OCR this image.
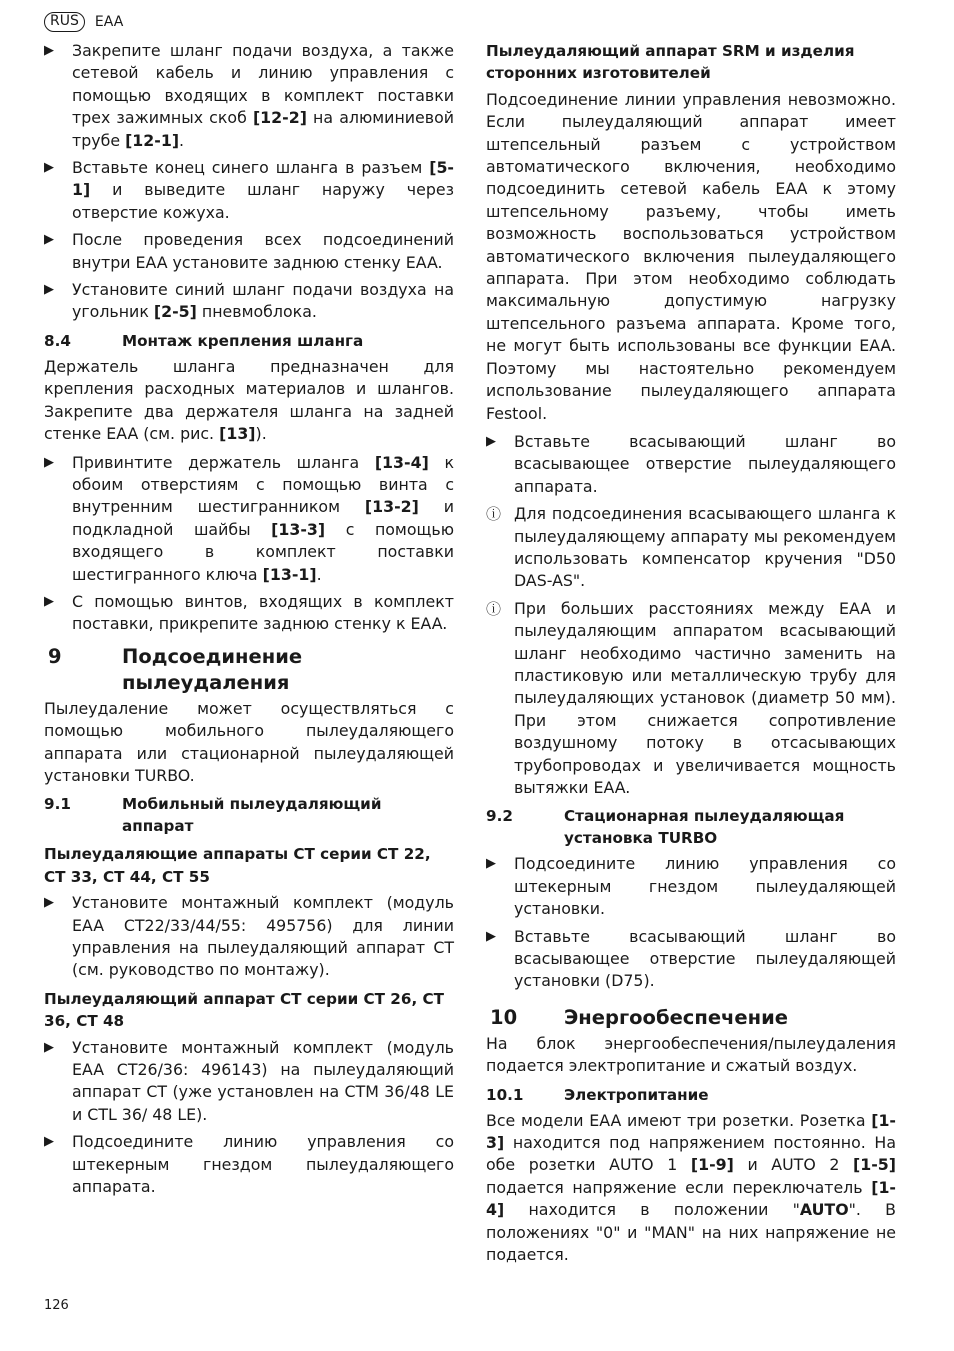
RUS	EAA
▶	Закрепите шланг подачи воздуха, а также сетевой кабель и линию управления с помощью входящих в комплект поставки трех зажимных скоб [12-2] на алюминиевой трубе [12-1].
▶	Вставьте конец синего шланга в разъем [5-1] и выведите шланг наружу через отверстие кожуха.
▶	После проведения всех подсоединений внутри EAA установите заднюю стенку EAA.
▶	Установите синий шланг подачи воздуха на угольник [2-5] пневмоблока.
8.4	Монтаж крепления шланга

Держатель шланга предназначен для крепления расходных материалов и шлангов. Закрепите два держателя шланга на задней стенке EAA (см. рис. [13]).

▶	Привинтите держатель шланга [13-4] к обоим отверстиям с помощью винта с внутренним шестигранником [13-2] и подкладной шайбы [13-3] с помощью входящего в комплект поставки шестигранного ключа [13-1].
▶	С помощью винтов, входящих в комплект поставки, прикрепите заднюю стенку к EAA.
9	Подсоединение пылеудаления

Пылеудаление может осуществляться с помощью мобильного пылеудаляющего аппарата или стационарной пылеудаляющей установки TURBO.

9.1	Мобильный пылеудаляющий аппарат
Пылеудаляющие аппараты CT серии CT 22, CT 33, CT 44, CT 55
▶	Установите монтажный комплект (модуль EAA CT22/33/44/55: 495756) для линии управления на пылеудаляющий аппарат CT (см. руководство по монтажу).
Пылеудаляющий аппарат CT серии CT 26, CT 36, CT 48
▶	Установите монтажный комплект (модуль EAA CT26/36: 496143) на пылеудаляющий аппарат CT (уже установлен на CTM 36/48 LE и CTL 36/ 48 LE).
▶	Подсоедините линию управления со штекерным гнездом пылеудаляющего аппарата.
Пылеудаляющий аппарат SRM и изделия сторонних изготовителей

Подсоединение линии управления невозможно. Если пылеудаляющий аппарат имеет штепсельный разъем с устройством автоматического включения, необходимо подсоединить сетевой кабель EAA к этому штепсельному разъему, чтобы иметь возможность воспользоваться устройством автоматического включения пылеудаляющего аппарата. При этом необходимо соблюдать максимальную допустимую нагрузку штепсельного разъема аппарата. Кроме того, не могут быть использованы все функции EAA. Поэтому мы настоятельно рекомендуем использование пылеудаляющего аппарата Festool.

▶	Вставьте всасывающий шланг во всасывающее отверстие пылеудаляющего аппарата.
ⓘ Для подсоединения всасывающего шланга к пылеудаляющему аппарату мы рекомендуем использовать компенсатор кручения "D50 DAS-AS".
ⓘ При больших расстояниях между EAA и пылеудаляющим аппаратом всасывающий шланг необходимо частично заменить на пластиковую или металлическую трубу для пылеудаляющих установок (диаметр 50 мм). При этом снижается сопротивление воздушному потоку в отсасывающих трубопроводах и увеличивается мощность вытяжки EAA.
9.2	Стационарная пылеудаляющая
установка TURBO
▶	Подсоедините линию управления со штекерным гнездом пылеудаляющей установки.
▶	Вставьте всасывающий шланг во всасывающее отверстие пылеудаляющей установки (D75).
10	Энергообеспечение

На блок энергообеспечения/пылеудаления подается электропитание и сжатый воздух.

10.1	Электропитание

Все модели EAA имеют три розетки. Розетка [1-3] находится под напряжением постоянно. На обе розетки AUTO 1 [1-9] и AUTO 2 [1-5] подается напряжение если переключатель [1-4] находится в положении "AUTO". В положениях "0" и "MAN" на них напряжение не подается.

126
